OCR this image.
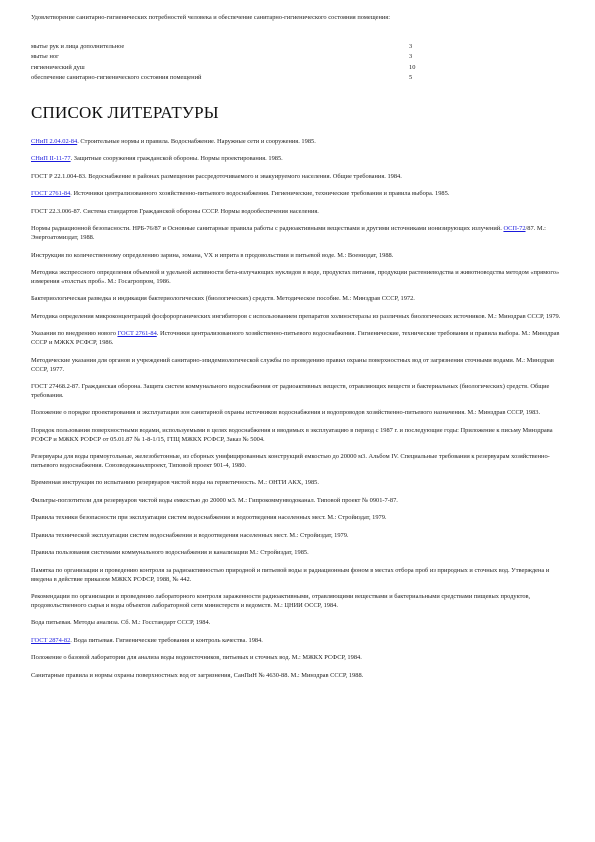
Удовлетворение санитарно-гигиенических потребностей человека и обеспечение санитарно-гигиенического состояния помещения:
мытье рук и лица дополнительное	3
мытье ног	3
гигиенический душ	10
обеспечение санитарно-гигиенического состояния помещений	5
СПИСОК ЛИТЕРАТУРЫ
СНиП 2.04.02-84. Строительные нормы и правила. Водоснабжение. Наружные сети и сооружения. 1985.
СНиП II-11-77. Защитные сооружения гражданской обороны. Нормы проектирования. 1985.
ГОСТ Р 22.1.004-83. Водоснабжение в районах размещения рассредоточиваемого и эвакуируемого населения. Общие требования. 1984.
ГОСТ 2761-84. Источники централизованного хозяйственно-питьевого водоснабжения. Гигиенические, технические требования и правила выбора. 1985.
ГОСТ 22.3.006-87. Система стандартов Гражданской обороны СССР. Нормы водообеспечения населения.
Нормы радиационной безопасности. НРБ-76/87 и Основные санитарные правила работы с радиоактивными веществами и другими источниками ионизирующих излучений. ОСП-72/87. М.: Энергоатомиздат, 1988.
Инструкция по количественному определению зарина, зомана, VX и иприта в продовольствии и питьевой воде. М.: Воениздат, 1988.
Методика экспрессного определения объемной и удельной активности бета-излучающих нуклидов в воде, продуктах питания, продукции растениеводства и животноводства методом «прямого» измерения «толстых проб». М.: Госагропром, 1986.
Бактериологическая разведка и индикация бактериологических (биологических) средств. Методическое пособие. М.: Минздрав СССР, 1972.
Методика определения микроконцентраций фосфорорганических ингибиторов с использованием препаратов холинэстеразы из различных биологических источников. М.: Минздрав СССР, 1979.
Указания по внедрению нового ГОСТ 2761-84. Источники централизованного хозяйственно-питьевого водоснабжения. Гигиенические, технические требования и правила выбора. М.: Минздрав СССР и МЖКХ РСФСР, 1986.
Методические указания для органов и учреждений санитарно-эпидемиологической службы по проведению правил охраны поверхностных вод от загрязнения сточными водами. М.: Минздрав СССР, 1977.
ГОСТ 27468.2-87. Гражданская оборона. Защита систем коммунального водоснабжения от радиоактивных веществ, отравляющих веществ и бактериальных (биологических) средств. Общие требования.
Положение о порядке проектирования и эксплуатации зон санитарной охраны источников водоснабжения и водопроводов хозяйственно-питьевого назначения. М.: Минздрав СССР, 1983.
Порядок пользования поверхностными водами, используемыми в целях водоснабжения и вводимых в эксплуатацию в период с 1987 г. и последующие годы: Приложение к письму Минздрава РСФСР и МЖКХ РСФСР от 05.01.87 № 1-8-1/15, ГПЦ МЖКХ РСФСР, Заказ № 5004.
Резервуары для воды прямоугольные, железобетонные, из сборных унифицированных конструкций емкостью до 20000 м3. Альбом IV. Специальные требования к резервуарам хозяйственно-питьевого водоснабжения. Союзводоканалпроект, Типовой проект 901-4, 1980.
Временная инструкция по испытанию резервуаров чистой воды на герметичность. М.: ОНТИ АКХ, 1985.
Фильтры-поглотители для резервуаров чистой воды емкостью до 20000 м3. М.: Гипрокоммунводоканал. Типовой проект № 0901-7-87.
Правила техники безопасности при эксплуатации систем водоснабжения и водоотведения населенных мест. М.: Стройиздат, 1979.
Правила технической эксплуатации систем водоснабжения и водоотведения населенных мест. М.: Стройиздат, 1979.
Правила пользования системами коммунального водоснабжения и канализации М.: Стройиздат, 1985.
Памятка по организации и проведению контроля за радиоактивностью природной и питьевой воды и радиационным фоном в местах отбора проб из природных и сточных вод. Утверждена и введена в действие приказом МЖКХ РСФСР, 1988, № 442.
Рекомендации по организации и проведению лабораторного контроля зараженности радиоактивными, отравляющими веществами и бактериальными средствами пищевых продуктов, продовольственного сырья и воды объектов лабораторной сети министерств и ведомств. М.: ЦНИИ ОССР, 1984.
Вода питьевая. Методы анализа. Сб. М.: Госстандарт СССР, 1984.
ГОСТ 2874-82. Вода питьевая. Гигиенические требования и контроль качества. 1984.
Положение о базовой лаборатории для анализа воды водоисточников, питьевых и сточных вод. М.: МЖКХ РСФСР, 1984.
Санитарные правила и нормы охраны поверхностных вод от загрязнения, СанПиН № 4630-88. М.: Минздрав СССР, 1988.
